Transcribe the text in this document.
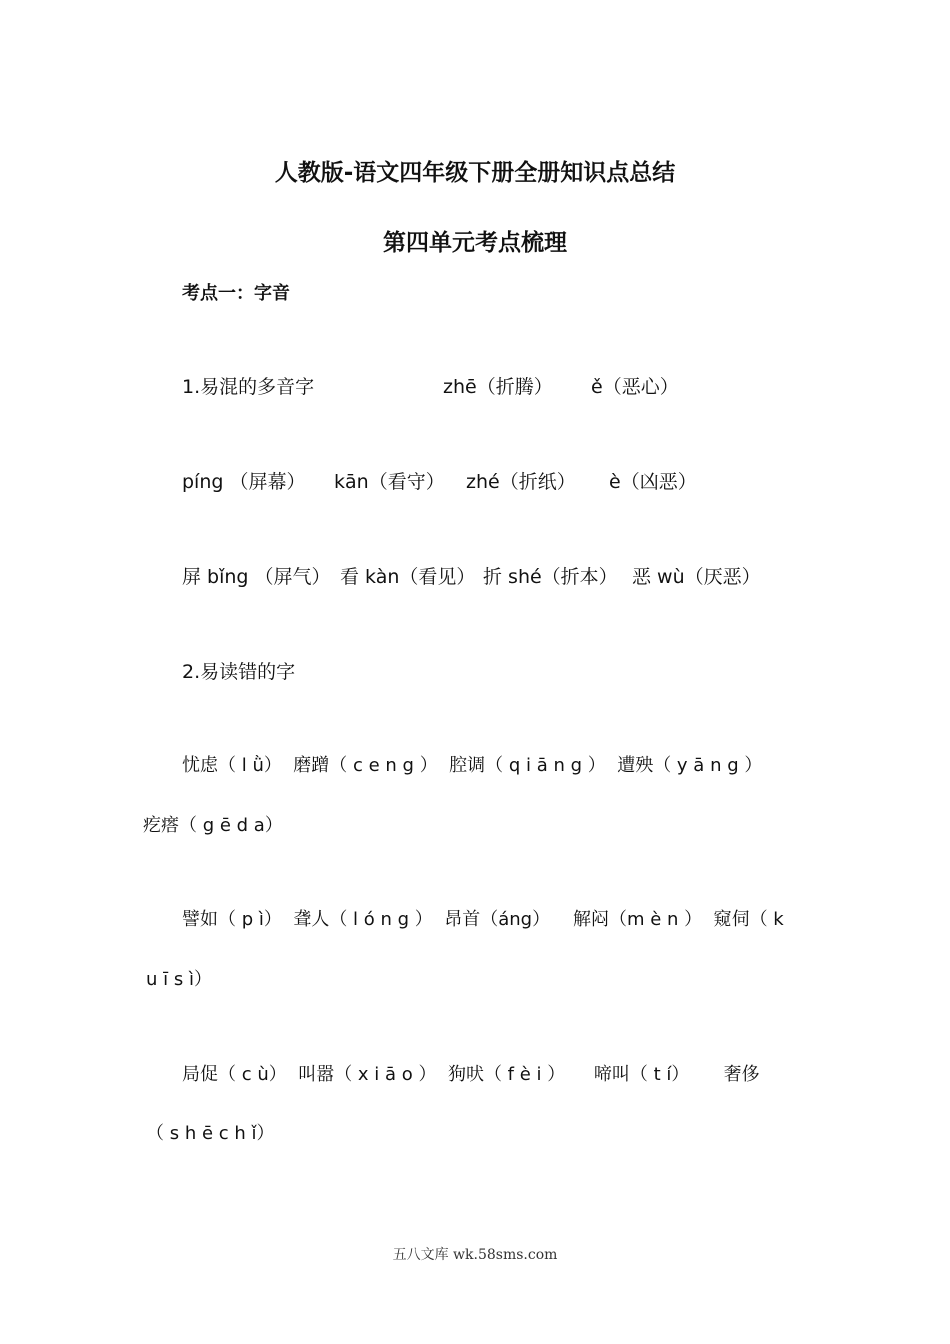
人教版-语文四年级下册全册知识点总结
第四单元考点梳理
考点一：字音
1.易混的多音字	zhē（折腾） ě（恶心）
píng （屏幕） kān（看守） zhé（折纸） è（凶恶）
屏 bǐng （屏气） 看 kàn（看见） 折 shé（折本） 恶 wù（厌恶）
2.易读错的字
忧虑（ l ǜ）  磨蹭（ c e n g ）  腔调（ q i ā n g ）  遭殃（ y ā n g ）
疙瘩（ g ē d a）
譬如（ p ì）  聋人（ l ó n g ）  昂首（áng）    解闷（m è n ）  窥伺（ k
u ī s ì）
局促（ c ù）  叫嚣（ x i ā o ）  狗吠（ f è i ）     啼叫（ t í）      奢侈
（ s h ē c h ǐ）
五八文库 wk.58sms.com
